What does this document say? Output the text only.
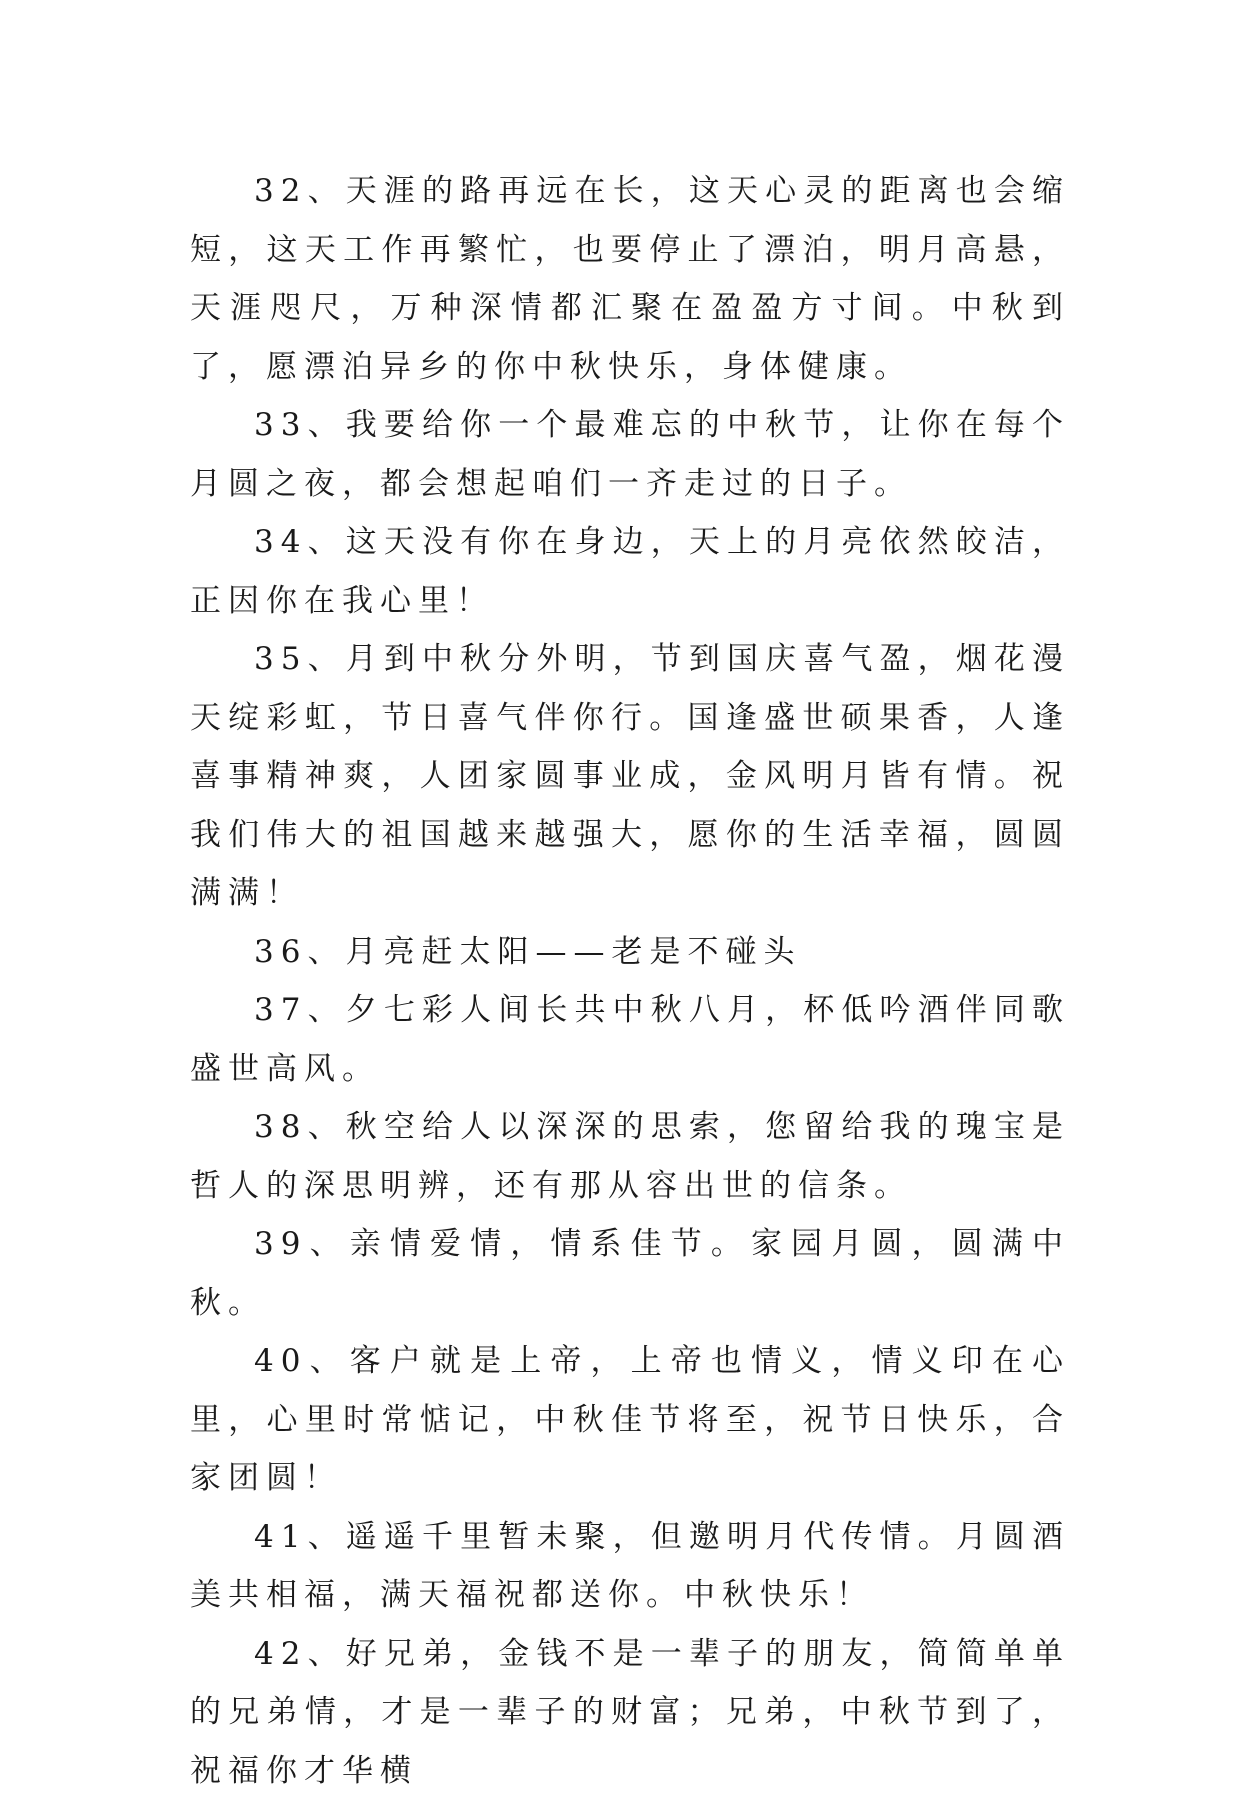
32、天涯的路再远在长，这天心灵的距离也会缩短，这天工作再繁忙，也要停止了漂泊，明月高悬，天涯咫尺，万种深情都汇聚在盈盈方寸间。中秋到了，愿漂泊异乡的你中秋快乐，身体健康。

33、我要给你一个最难忘的中秋节，让你在每个月圆之夜，都会想起咱们一齐走过的日子。

34、这天没有你在身边，天上的月亮依然皎洁，正因你在我心里！

35、月到中秋分外明，节到国庆喜气盈，烟花漫天绽彩虹，节日喜气伴你行。国逢盛世硕果香，人逢喜事精神爽，人团家圆事业成，金风明月皆有情。祝我们伟大的祖国越来越强大，愿你的生活幸福，圆圆满满！

36、月亮赶太阳——老是不碰头

37、夕七彩人间长共中秋八月，杯低吟酒伴同歌盛世高风。

38、秋空给人以深深的思索，您留给我的瑰宝是哲人的深思明辨，还有那从容出世的信条。

39、亲情爱情，情系佳节。家园月圆，圆满中秋。

40、客户就是上帝，上帝也情义，情义印在心里，心里时常惦记，中秋佳节将至，祝节日快乐，合家团圆！

41、遥遥千里暂未聚，但邀明月代传情。月圆酒美共相福，满天福祝都送你。中秋快乐！

42、好兄弟，金钱不是一辈子的朋友，简简单单的兄弟情，才是一辈子的财富；兄弟，中秋节到了，祝福你才华横
